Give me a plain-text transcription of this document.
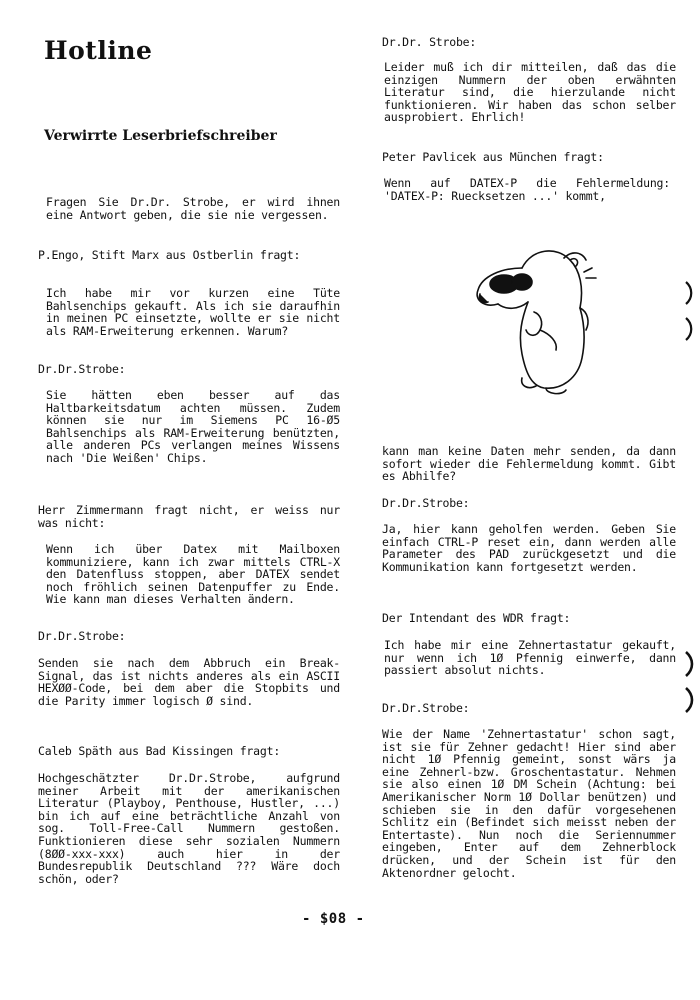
Hotline
Verwirrte Leserbriefschreiber

Fragen Sie Dr.Dr. Strobe, er wird ihnen eine Antwort geben, die sie nie vergessen.

P.Engo, Stift Marx aus Ostberlin fragt:

Ich habe mir vor kurzen eine Tüte Bahlsenchips gekauft. Als ich sie daraufhin in meinen PC einsetzte, wollte er sie nicht als RAM-Erweiterung erkennen. Warum?

Dr.Dr.Strobe:

Sie hätten eben besser auf das Haltbarkeitsdatum achten müssen. Zudem können sie nur im Siemens PC 16-Ø5 Bahlsenchips als RAM-Erweiterung benützten, alle anderen PCs verlangen meines Wissens nach 'Die Weißen' Chips.

Herr Zimmermann fragt nicht, er weiss nur was nicht:

Wenn ich über Datex mit Mailboxen kommuniziere, kann ich zwar mittels CTRL-X den Datenfluss stoppen, aber DATEX sendet noch fröhlich seinen Datenpuffer zu Ende. Wie kann man dieses Verhalten ändern.

Dr.Dr.Strobe:

Senden sie nach dem Abbruch ein Break-Signal, das ist nichts anderes als ein ASCII HEXØØ-Code, bei dem aber die Stopbits und die Parity immer logisch Ø sind.

Caleb Späth aus Bad Kissingen fragt:

Hochgeschätzter Dr.Dr.Strobe, aufgrund meiner Arbeit mit der amerikanischen Literatur (Playboy, Penthouse, Hustler, ...) bin ich auf eine beträchtliche Anzahl von sog. Toll-Free-Call Nummern gestoßen. Funktionieren diese sehr sozialen Nummern (8ØØ-xxx-xxx) auch hier in der Bundesrepublik Deutschland ??? Wäre doch schön, oder?

Dr.Dr. Strobe:

Leider muß ich dir mitteilen, daß das die einzigen Nummern der oben erwähnten Literatur sind, die hierzulande nicht funktionieren. Wir haben das schon selber ausprobiert. Ehrlich!

Peter Pavlicek aus München fragt:

Wenn auf DATEX-P die Fehlermeldung: 'DATEX-P: Ruecksetzen ...' kommt,

kann man keine Daten mehr senden, da dann sofort wieder die Fehlermeldung kommt. Gibt es Abhilfe?

Dr.Dr.Strobe:

Ja, hier kann geholfen werden. Geben Sie einfach CTRL-P reset ein, dann werden alle Parameter des PAD zurückgesetzt und die Kommunikation kann fortgesetzt werden.

Der Intendant des WDR fragt:

Ich habe mir eine Zehnertastatur gekauft, nur wenn ich 1Ø Pfennig einwerfe, dann passiert absolut nichts.

Dr.Dr.Strobe:

Wie der Name 'Zehnertastatur' schon sagt, ist sie für Zehner gedacht! Hier sind aber nicht 1Ø Pfennig gemeint, sonst wärs ja eine Zehnerl-bzw. Groschentastatur. Nehmen sie also einen 1Ø DM Schein (Achtung: bei Amerikanischer Norm 1Ø Dollar benützen) und schieben sie in den dafür vorgesehenen Schlitz ein (Befindet sich meisst neben der Entertaste). Nun noch die Seriennummer eingeben, Enter auf dem Zehnerblock drücken, und der Schein ist für den Aktenordner gelocht.

- $08 -
